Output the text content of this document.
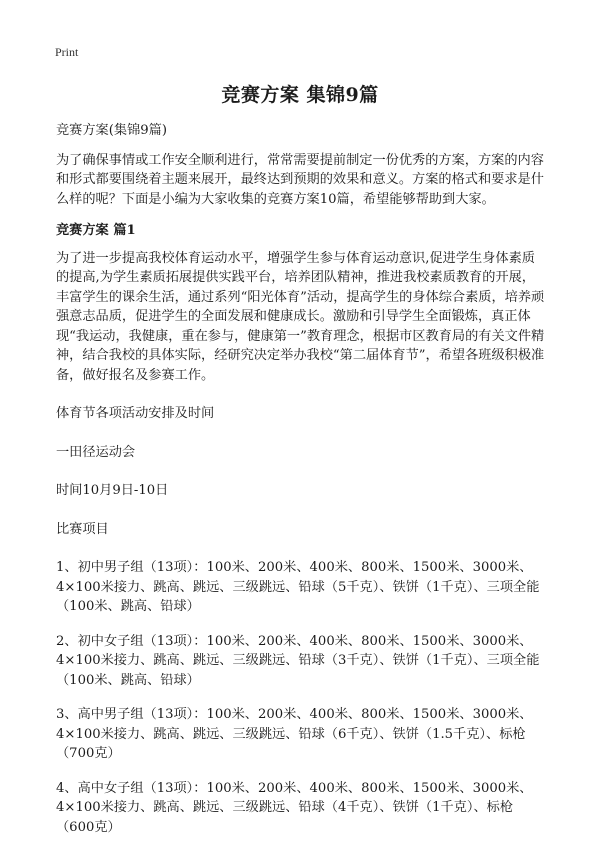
Print
竞赛方案 集锦9篇

竞赛方案(集锦9篇)

为了确保事情或工作安全顺利进行，常常需要提前制定一份优秀的方案，方案的内容和形式都要围绕着主题来展开，最终达到预期的效果和意义。方案的格式和要求是什么样的呢？下面是小编为大家收集的竞赛方案10篇，希望能够帮助到大家。

竞赛方案 篇1

为了进一步提高我校体育运动水平，增强学生参与体育运动意识,促进学生身体素质的提高,为学生素质拓展提供实践平台，培养团队精神，推进我校素质教育的开展，丰富学生的课余生活，通过系列“阳光体育”活动，提高学生的身体综合素质，培养顽强意志品质，促进学生的全面发展和健康成长。激励和引导学生全面锻炼，真正体现“我运动，我健康，重在参与，健康第一”教育理念，根据市区教育局的有关文件精神，结合我校的具体实际，经研究决定举办我校“第二届体育节”，希望各班级积极准备，做好报名及参赛工作。

体育节各项活动安排及时间

一田径运动会

时间10月9日-10日

比赛项目

1、初中男子组（13项）：100米、200米、400米、800米、1500米、3000米、4×100米接力、跳高、跳远、三级跳远、铅球（5千克）、铁饼（1千克）、三项全能（100米、跳高、铅球）

2、初中女子组（13项）：100米、200米、400米、800米、1500米、3000米、4×100米接力、跳高、跳远、三级跳远、铅球（3千克）、铁饼（1千克）、三项全能（100米、跳高、铅球）

3、高中男子组（13项）：100米、200米、400米、800米、1500米、3000米、4×100米接力、跳高、跳远、三级跳远、铅球（6千克）、铁饼（1.5千克）、标枪（700克）

4、高中女子组（13项）：100米、200米、400米、800米、1500米、3000米、4×100米接力、跳高、跳远、三级跳远、铅球（4千克）、铁饼（1千克）、标枪（600克）
